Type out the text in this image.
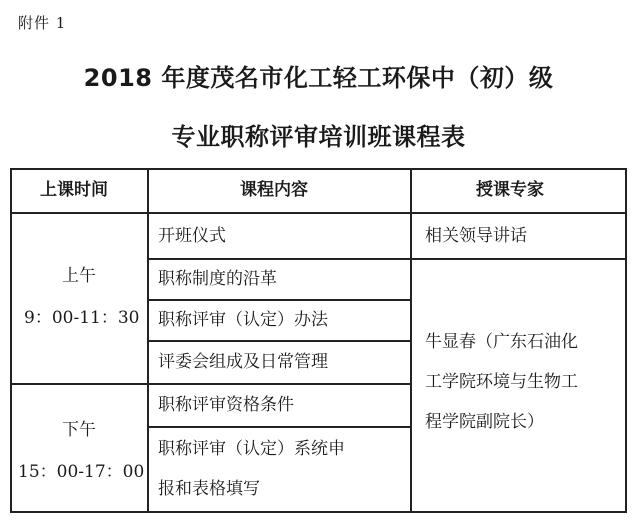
附件 1
2018 年度茂名市化工轻工环保中（初）级
专业职称评审培训班课程表
上课时间	课程内容	授课专家
上午
9：00-11：30
下午
15：00-17：00
开班仪式
职称制度的沿革
职称评审（认定）办法
评委会组成及日常管理
职称评审资格条件
职称评审（认定）系统申
报和表格填写
相关领导讲话
牛显春（广东石油化
工学院环境与生物工
程学院副院长）
